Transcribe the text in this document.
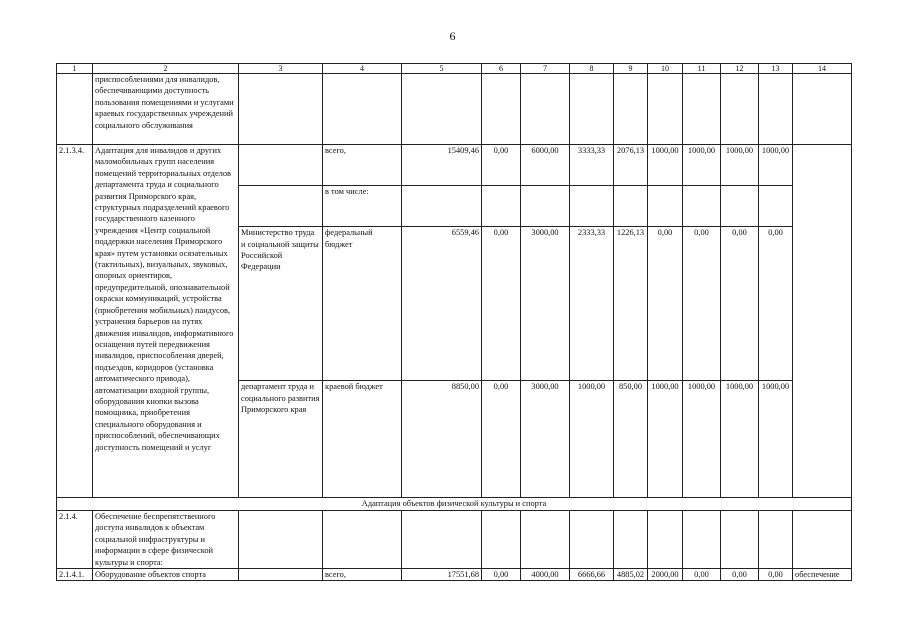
6
1	2	3	4	5	6	7	8	9	10	11	12	13	14
	приспособлениями для инвалидов, обеспечивающими доступность пользования помещениями и услугами краевых государственных учреждений социального обслуживания												
2.1.3.4.	Адаптация для инвалидов и других маломобильных групп населения помещений территориальных отделов департамента труда и социального развития Приморского края, структурных подразделений краевого государственного казенного учреждения «Центр социальной поддержки населения Приморского края» путем установки осязательных (тактильных), визуальных, звуковых, опорных ориентиров, предупредительной, опознавательной окраски коммуникаций, устройства (приобретения мобильных) пандусов, устранения барьеров на путях движения инвалидов, информативного оснащения путей передвижения инвалидов, приспособления дверей, подъездов, коридоров (установка автоматического привода), автоматизации входной группы, оборудования кнопки вызова помощника, приобретения специального оборудования и приспособлений, обеспечивающих доступность помещений и услуг		всего,	15409,46	0,00	6000,00	3333,33	2076,13	1000,00	1000,00	1000,00	1000,00	
			в том числе:										
		Министерство труда и социальной защиты Российской Федерации	федеральный бюджет	6559,46	0,00	3000,00	2333,33	1226,13	0,00	0,00	0,00	0,00	
		департамент труда и социального развития Приморского края	краевой бюджет	8850,00	0,00	3000,00	1000,00	850,00	1000,00	1000,00	1000,00	1000,00	
Адаптация объектов физической культуры и спорта													
2.1.4.	Обеспечение беспрепятственного доступа инвалидов к объектам социальной инфраструктуры и информации в сфере физической культуры и спорта:												
2.1.4.1.	Оборудование объектов спорта		всего,	17551,68	0,00	4000,00	6666,66	4885,02	2000,00	0,00	0,00	0,00	обеспечение
